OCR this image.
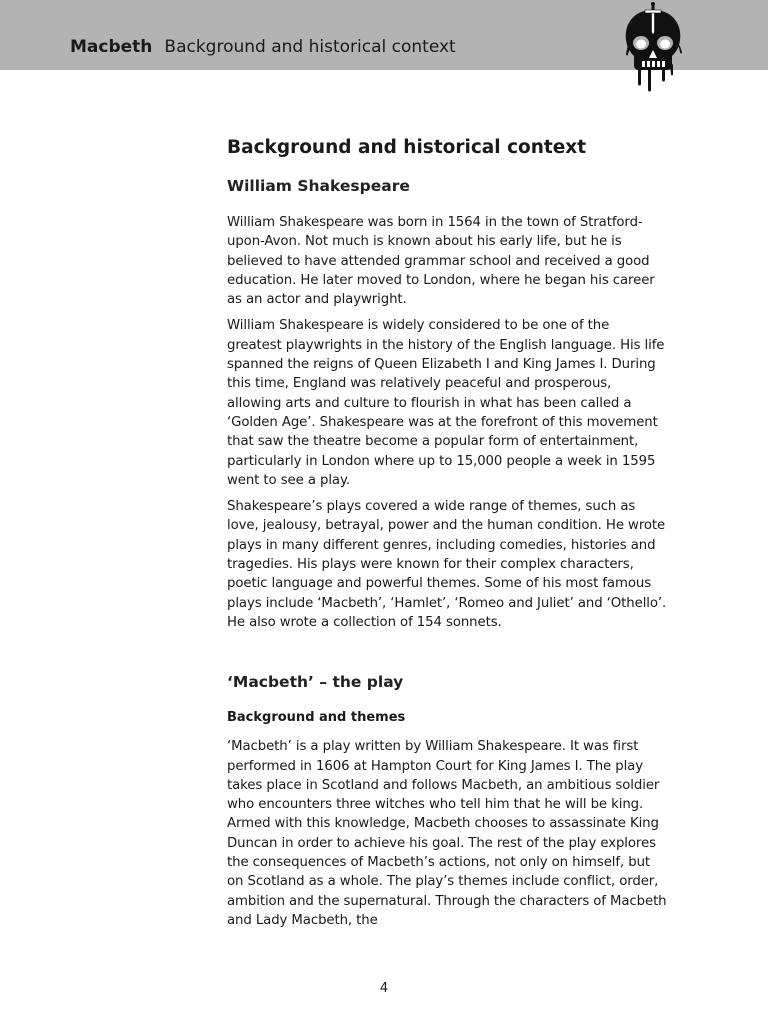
Macbeth Background and historical context
Background and historical context
William Shakespeare

William Shakespeare was born in 1564 in the town of Stratford-upon-Avon. Not much is known about his early life, but he is believed to have attended grammar school and received a good education. He later moved to London, where he began his career as an actor and playwright.

William Shakespeare is widely considered to be one of the greatest playwrights in the history of the English language. His life spanned the reigns of Queen Elizabeth I and King James I. During this time, England was relatively peaceful and prosperous, allowing arts and culture to flourish in what has been called a ‘Golden Age’. Shakespeare was at the forefront of this movement that saw the theatre become a popular form of entertainment, particularly in London where up to 15,000 people a week in 1595 went to see a play.

Shakespeare’s plays covered a wide range of themes, such as love, jealousy, betrayal, power and the human condition. He wrote plays in many different genres, including comedies, histories and tragedies. His plays were known for their complex characters, poetic language and powerful themes. Some of his most famous plays include ‘Macbeth’, ‘Hamlet’, ‘Romeo and Juliet’ and ‘Othello’. He also wrote a collection of 154 sonnets.

‘Macbeth’ – the play
Background and themes

‘Macbeth’ is a play written by William Shakespeare. It was first performed in 1606 at Hampton Court for King James I. The play takes place in Scotland and follows Macbeth, an ambitious soldier who encounters three witches who tell him that he will be king. Armed with this knowledge, Macbeth chooses to assassinate King Duncan in order to achieve his goal. The rest of the play explores the consequences of Macbeth’s actions, not only on himself, but on Scotland as a whole. The play’s themes include conflict, order, ambition and the supernatural. Through the characters of Macbeth and Lady Macbeth, the

4
